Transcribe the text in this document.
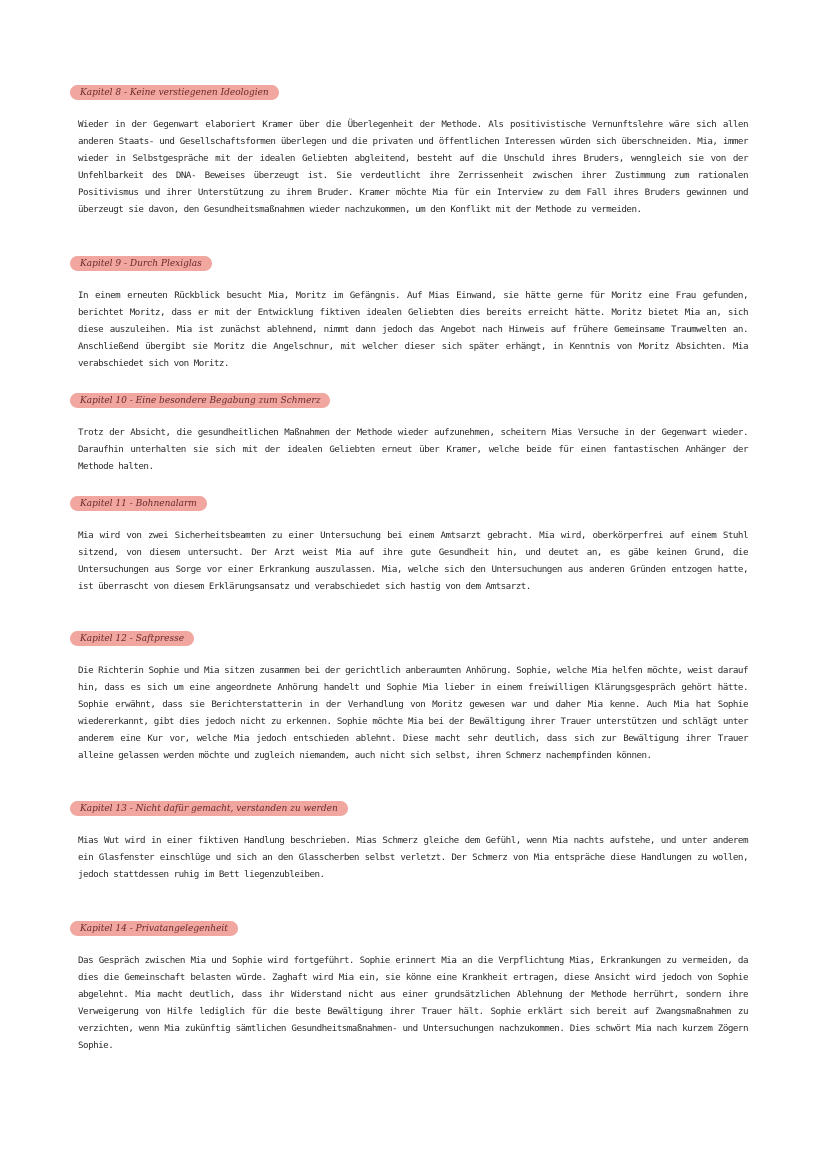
Kapitel 8 - Keine verstiegenen Ideologien

Wieder in der Gegenwart elaboriert Kramer über die Überlegenheit der Methode. Als positivistische Vernunftslehre wäre sich allen anderen Staats- und Gesellschaftsformen überlegen und die privaten und öffentlichen Interessen würden sich überschneiden. Mia, immer wieder in Selbstgespräche mit der idealen Geliebten abgleitend, besteht auf die Unschuld ihres Bruders, wenngleich sie von der Unfehlbarkeit des DNA- Beweises überzeugt ist. Sie verdeutlicht ihre Zerrissenheit zwischen ihrer Zustimmung zum rationalen Positivismus und ihrer Unterstützung zu ihrem Bruder. Kramer möchte Mia für ein Interview zu dem Fall ihres Bruders gewinnen und überzeugt sie davon, den Gesundheitsmaßnahmen wieder nachzukommen, um den Konflikt mit der Methode zu vermeiden.

Kapitel 9 - Durch Plexiglas

In einem erneuten Rückblick besucht Mia, Moritz im Gefängnis. Auf Mias Einwand, sie hätte gerne für Moritz eine Frau gefunden, berichtet Moritz, dass er mit der Entwicklung fiktiven idealen Geliebten dies bereits erreicht hätte. Moritz bietet Mia an, sich diese auszuleihen. Mia ist zunächst ablehnend, nimmt dann jedoch das Angebot nach Hinweis auf frühere Gemeinsame Traumwelten an. Anschließend übergibt sie Moritz die Angelschnur, mit welcher dieser sich später erhängt, in Kenntnis von Moritz Absichten. Mia verabschiedet sich von Moritz.

Kapitel 10 - Eine besondere Begabung zum Schmerz

Trotz der Absicht, die gesundheitlichen Maßnahmen der Methode wieder aufzunehmen, scheitern Mias Versuche in der Gegenwart wieder. Daraufhin unterhalten sie sich mit der idealen Geliebten erneut über Kramer, welche beide für einen fantastischen Anhänger der Methode halten.

Kapitel 11 - Bohnenalarm

Mia wird von zwei Sicherheitsbeamten zu einer Untersuchung bei einem Amtsarzt gebracht. Mia wird, oberkörperfrei auf einem Stuhl sitzend, von diesem untersucht. Der Arzt weist Mia auf ihre gute Gesundheit hin, und deutet an, es gäbe keinen Grund, die Untersuchungen aus Sorge vor einer Erkrankung auszulassen. Mia, welche sich den Untersuchungen aus anderen Gründen entzogen hatte, ist überrascht von diesem Erklärungsansatz und verabschiedet sich hastig von dem Amtsarzt.

Kapitel 12 - Saftpresse

Die Richterin Sophie und Mia sitzen zusammen bei der gerichtlich anberaumten Anhörung. Sophie, welche Mia helfen möchte, weist darauf hin, dass es sich um eine angeordnete Anhörung handelt und Sophie Mia lieber in einem freiwilligen Klärungsgespräch gehört hätte. Sophie erwähnt, dass sie Berichterstatterin in der Verhandlung von Moritz gewesen war und daher Mia kenne. Auch Mia hat Sophie wiedererkannt, gibt dies jedoch nicht zu erkennen. Sophie möchte Mia bei der Bewältigung ihrer Trauer unterstützen und schlägt unter anderem eine Kur vor, welche Mia jedoch entschieden ablehnt. Diese macht sehr deutlich, dass sich zur Bewältigung ihrer Trauer alleine gelassen werden möchte und zugleich niemandem, auch nicht sich selbst, ihren Schmerz nachempfinden können.

Kapitel 13 - Nicht dafür gemacht, verstanden zu werden

Mias Wut wird in einer fiktiven Handlung beschrieben. Mias Schmerz gleiche dem Gefühl, wenn Mia nachts aufstehe, und unter anderem ein Glasfenster einschlüge und sich an den Glasscherben selbst verletzt. Der Schmerz von Mia entspräche diese Handlungen zu wollen, jedoch stattdessen ruhig im Bett liegenzubleiben.

Kapitel 14 - Privatangelegenheit

Das Gespräch zwischen Mia und Sophie wird fortgeführt. Sophie erinnert Mia an die Verpflichtung Mias, Erkrankungen zu vermeiden, da dies die Gemeinschaft belasten würde. Zaghaft wird Mia ein, sie könne eine Krankheit ertragen, diese Ansicht wird jedoch von Sophie abgelehnt. Mia macht deutlich, dass ihr Widerstand nicht aus einer grundsätzlichen Ablehnung der Methode herrührt, sondern ihre Verweigerung von Hilfe lediglich für die beste Bewältigung ihrer Trauer hält. Sophie erklärt sich bereit auf Zwangsmaßnahmen zu verzichten, wenn Mia zukünftig sämtlichen Gesundheitsmaßnahmen- und Untersuchungen nachzukommen. Dies schwört Mia nach kurzem Zögern Sophie.
